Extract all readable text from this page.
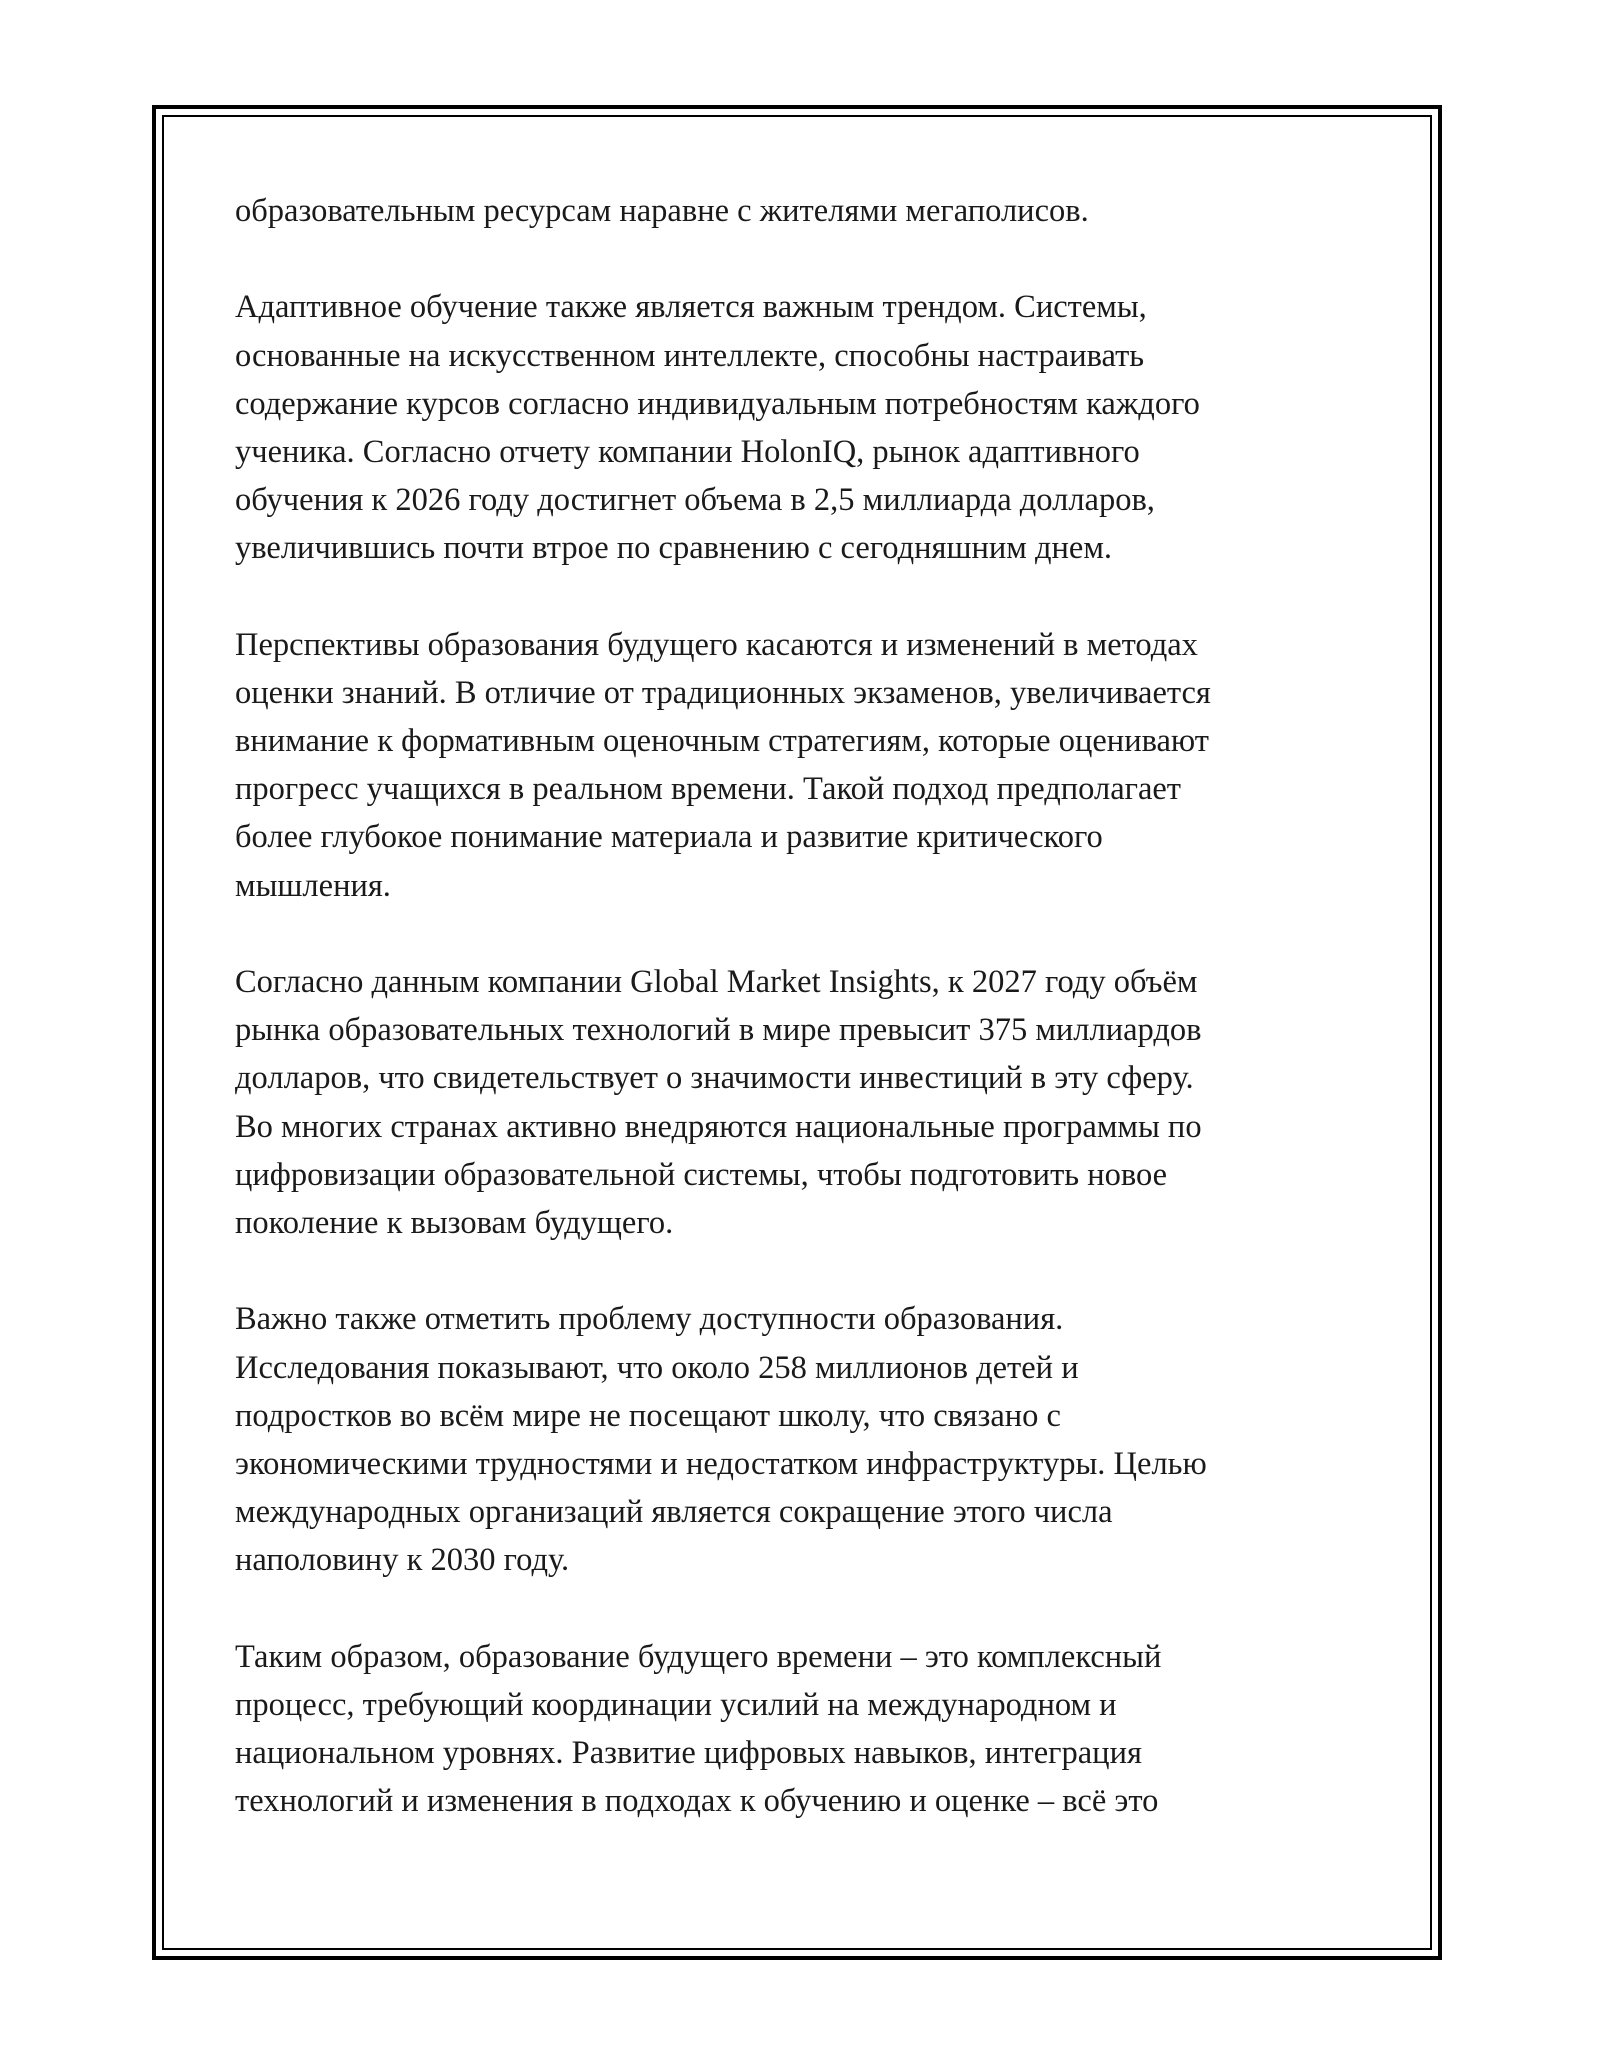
образовательным ресурсам наравне с жителями мегаполисов.
Адаптивное обучение также является важным трендом. Системы,
основанные на искусственном интеллекте, способны настраивать
содержание курсов согласно индивидуальным потребностям каждого
ученика. Согласно отчету компании HolonIQ, рынок адаптивного
обучения к 2026 году достигнет объема в 2,5 миллиарда долларов,
увеличившись почти втрое по сравнению с сегодняшним днем.
Перспективы образования будущего касаются и изменений в методах
оценки знаний. В отличие от традиционных экзаменов, увеличивается
внимание к формативным оценочным стратегиям, которые оценивают
прогресс учащихся в реальном времени. Такой подход предполагает
более глубокое понимание материала и развитие критического
мышления.
Согласно данным компании Global Market Insights, к 2027 году объём
рынка образовательных технологий в мире превысит 375 миллиардов
долларов, что свидетельствует о значимости инвестиций в эту сферу.
Во многих странах активно внедряются национальные программы по
цифровизации образовательной системы, чтобы подготовить новое
поколение к вызовам будущего.
Важно также отметить проблему доступности образования.
Исследования показывают, что около 258 миллионов детей и
подростков во всём мире не посещают школу, что связано с
экономическими трудностями и недостатком инфраструктуры. Целью
международных организаций является сокращение этого числа
наполовину к 2030 году.
Таким образом, образование будущего времени – это комплексный
процесс, требующий координации усилий на международном и
национальном уровнях. Развитие цифровых навыков, интеграция
технологий и изменения в подходах к обучению и оценке – всё это
